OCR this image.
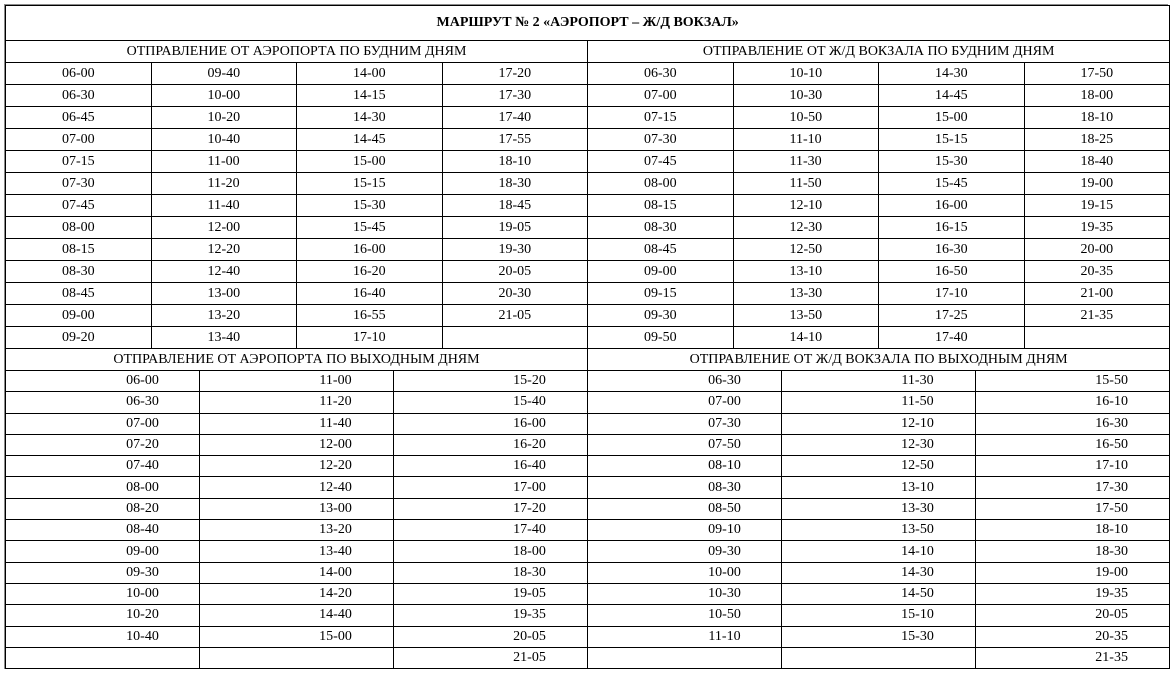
МАРШРУТ № 2 «АЭРОПОРТ – Ж/Д ВОКЗАЛ»											
ОТПРАВЛЕНИЕ ОТ АЭРОПОРТА ПО БУДНИМ ДНЯМ						ОТПРАВЛЕНИЕ ОТ Ж/Д ВОКЗАЛА ПО БУДНИМ ДНЯМ					
06-00	09-40		14-00		17-20	06-30	10-10		14-30		17-50
06-30	10-00		14-15		17-30	07-00	10-30		14-45		18-00
06-45	10-20		14-30		17-40	07-15	10-50		15-00		18-10
07-00	10-40		14-45		17-55	07-30	11-10		15-15		18-25
07-15	11-00		15-00		18-10	07-45	11-30		15-30		18-40
07-30	11-20		15-15		18-30	08-00	11-50		15-45		19-00
07-45	11-40		15-30		18-45	08-15	12-10		16-00		19-15
08-00	12-00		15-45		19-05	08-30	12-30		16-15		19-35
08-15	12-20		16-00		19-30	08-45	12-50		16-30		20-00
08-30	12-40		16-20		20-05	09-00	13-10		16-50		20-35
08-45	13-00		16-40		20-30	09-15	13-30		17-10		21-00
09-00	13-20		16-55		21-05	09-30	13-50		17-25		21-35
09-20	13-40		17-10			09-50	14-10		17-40		
ОТПРАВЛЕНИЕ ОТ АЭРОПОРТА ПО ВЫХОДНЫМ ДНЯМ						ОТПРАВЛЕНИЕ ОТ Ж/Д ВОКЗАЛА ПО ВЫХОДНЫМ ДНЯМ					
06-00		11-00		15-20		06-30		11-30		15-50	
06-30		11-20		15-40		07-00		11-50		16-10	
07-00		11-40		16-00		07-30		12-10		16-30	
07-20		12-00		16-20		07-50		12-30		16-50	
07-40		12-20		16-40		08-10		12-50		17-10	
08-00		12-40		17-00		08-30		13-10		17-30	
08-20		13-00		17-20		08-50		13-30		17-50	
08-40		13-20		17-40		09-10		13-50		18-10	
09-00		13-40		18-00		09-30		14-10		18-30	
09-30		14-00		18-30		10-00		14-30		19-00	
10-00		14-20		19-05		10-30		14-50		19-35	
10-20		14-40		19-35		10-50		15-10		20-05	
10-40		15-00		20-05		11-10		15-30		20-35	
				21-05						21-35	
